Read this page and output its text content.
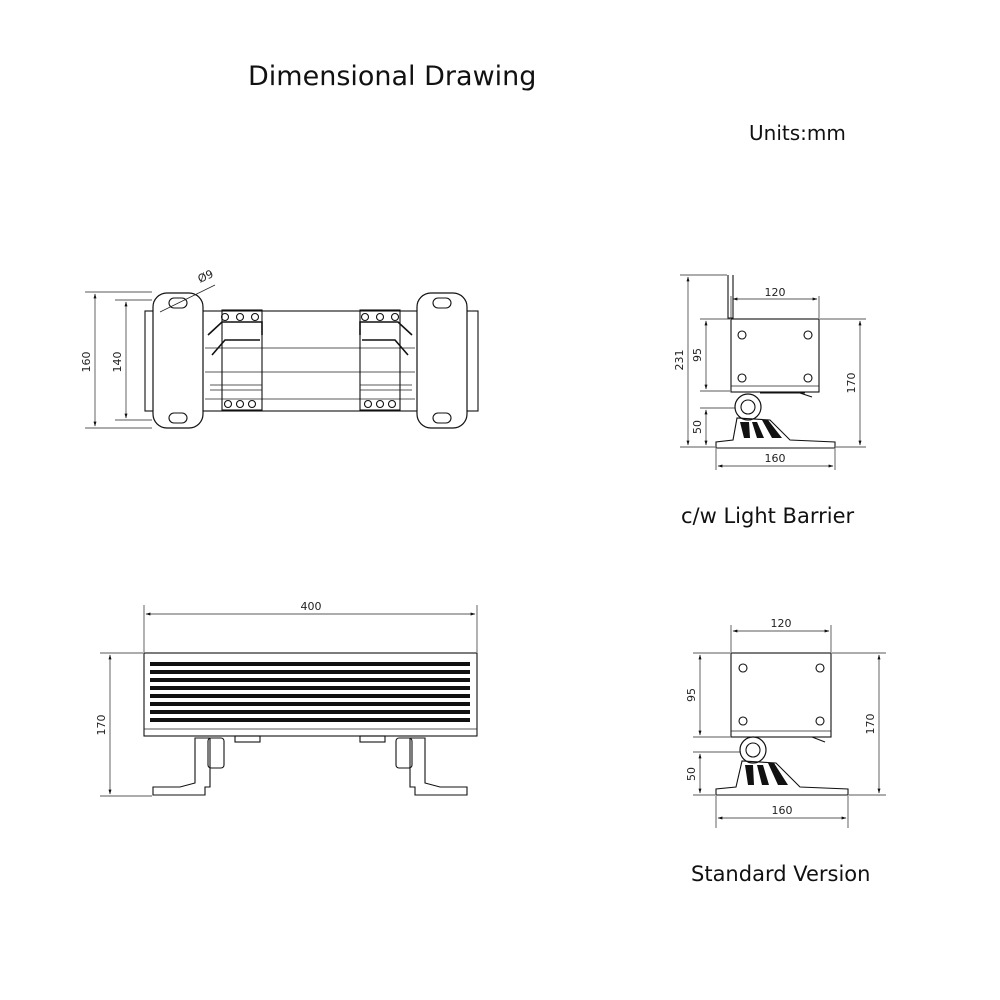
Dimensional Drawing
Units:mm
Ø9
160 140
400
170
120
231 95
50
170
160
c/w Light Barrier
120
95
50
170
160
Standard Version
